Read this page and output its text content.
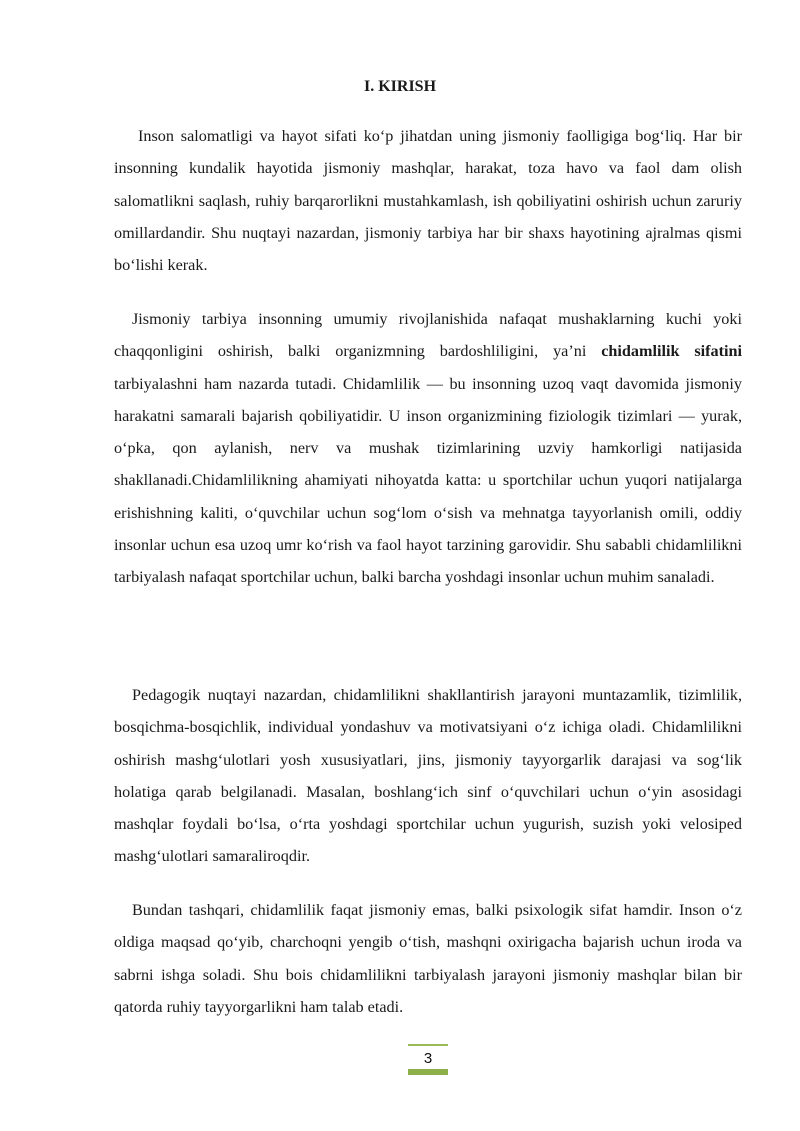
I. KIRISH

Inson salomatligi va hayot sifati koʻp jihatdan uning jismoniy faolligiga bogʻliq. Har bir insonning kundalik hayotida jismoniy mashqlar, harakat, toza havo va faol dam olish salomatlikni saqlash, ruhiy barqarorlikni mustahkamlash, ish qobiliyatini oshirish uchun zaruriy omillardandir. Shu nuqtayi nazardan, jismoniy tarbiya har bir shaxs hayotining ajralmas qismi boʻlishi kerak.

Jismoniy tarbiya insonning umumiy rivojlanishida nafaqat mushaklarning kuchi yoki chaqqonligini oshirish, balki organizmning bardoshliligini, yaʼni chidamlilik sifatini tarbiyalashni ham nazarda tutadi. Chidamlilik — bu insonning uzoq vaqt davomida jismoniy harakatni samarali bajarish qobiliyatidir. U inson organizmining fiziologik tizimlari — yurak, oʻpka, qon aylanish, nerv va mushak tizimlarining uzviy hamkorligi natijasida shakllanadi.Chidamlilikning ahamiyati nihoyatda katta: u sportchilar uchun yuqori natijalarga erishishning kaliti, oʻquvchilar uchun sogʻlom oʻsish va mehnatga tayyorlanish omili, oddiy insonlar uchun esa uzoq umr koʻrish va faol hayot tarzining garovidir. Shu sababli chidamlilikni tarbiyalash nafaqat sportchilar uchun, balki barcha yoshdagi insonlar uchun muhim sanaladi.

Pedagogik nuqtayi nazardan, chidamlilikni shakllantirish jarayoni muntazamlik, tizimlilik, bosqichma-bosqichlik, individual yondashuv va motivatsiyani oʻz ichiga oladi. Chidamlilikni oshirish mashgʻulotlari yosh xususiyatlari, jins, jismoniy tayyorgarlik darajasi va sogʻlik holatiga qarab belgilanadi. Masalan, boshlangʻich sinf oʻquvchilari uchun oʻyin asosidagi mashqlar foydali boʻlsa, oʻrta yoshdagi sportchilar uchun yugurish, suzish yoki velosiped mashgʻulotlari samaraliroqdir.

Bundan tashqari, chidamlilik faqat jismoniy emas, balki psixologik sifat hamdir. Inson oʻz oldiga maqsad qoʻyib, charchoqni yengib oʻtish, mashqni oxirigacha bajarish uchun iroda va sabrni ishga soladi. Shu bois chidamlilikni tarbiyalash jarayoni jismoniy mashqlar bilan bir qatorda ruhiy tayyorgarlikni ham talab etadi.

3
